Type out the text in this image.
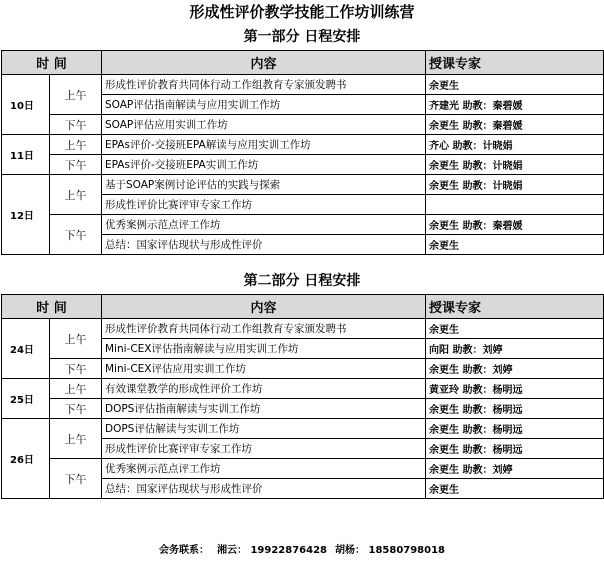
形成性评价教学技能工作坊训练营
第一部分 日程安排
时 间		内容	授课专家
10日	上午	形成性评价教育共同体行动工作组教育专家颁发聘书	余更生
		SOAP评估指南解读与应用实训工作坊	齐建光 助教：秦碧媛
	下午	SOAP评估应用实训工作坊	余更生 助教：秦碧媛
11日	上午	EPAs评价-交接班EPA解读与应用实训工作坊	齐心 助教：计晓娟
	下午	EPAs评价-交接班EPA实训工作坊	余更生 助教：计晓娟
12日	上午	基于SOAP案例讨论评估的实践与探索	余更生 助教：计晓娟
		形成性评价比赛评审专家工作坊	
	下午	优秀案例示范点评工作坊	余更生 助教：秦碧媛
		总结：国家评估现状与形成性评价	余更生
第二部分 日程安排
时 间		内容	授课专家
24日	上午	形成性评价教育共同体行动工作组教育专家颁发聘书	余更生
		Mini-CEX评估指南解读与应用实训工作坊	向阳 助教：刘婷
	下午	Mini-CEX评估应用实训工作坊	余更生 助教：刘婷
25日	上午	有效课堂教学的形成性评价工作坊	黄亚玲 助教：杨明远
	下午	DOPS评估指南解读与实训工作坊	余更生 助教：杨明远
26日	上午	DOPS评估解读与实训工作坊	余更生 助教：杨明远
		形成性评价比赛评审专家工作坊	余更生 助教：杨明远
	下午	优秀案例示范点评工作坊	余更生 助教：刘婷
		总结：国家评估现状与形成性评价	余更生
会务联系： 湘云： 19922876428 胡杨： 18580798018
